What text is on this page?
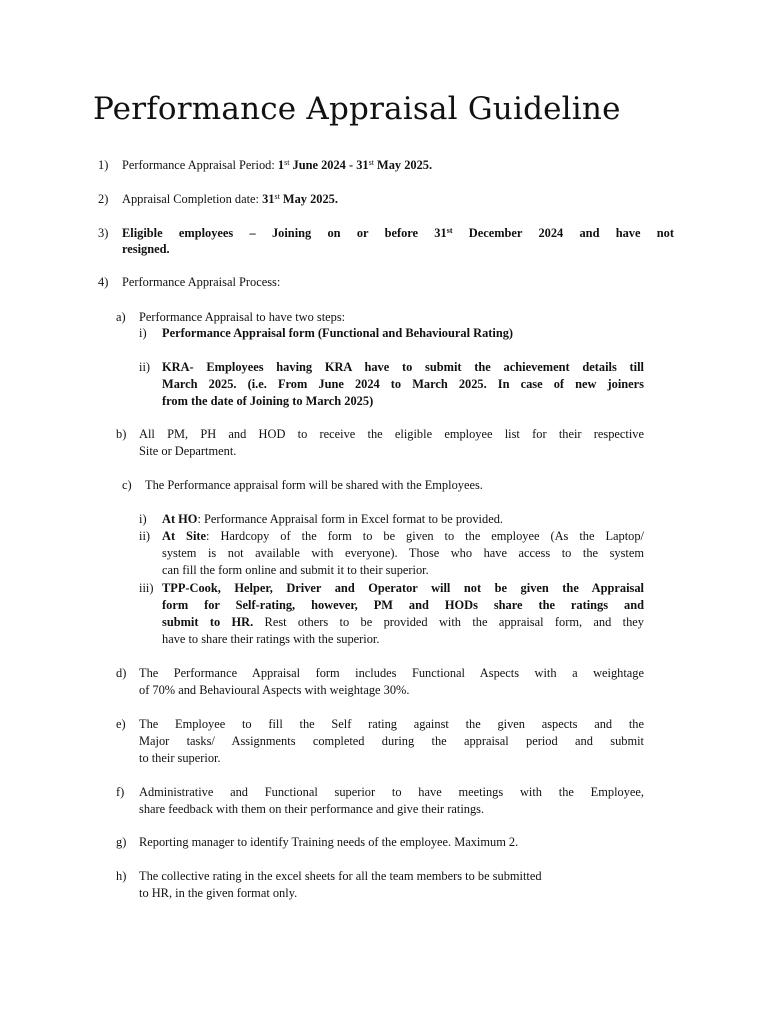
Performance Appraisal Guideline
1) Performance Appraisal Period: 1st June 2024 - 31st May 2025.
2) Appraisal Completion date: 31st May 2025.
3) Eligible employees – Joining on or before 31st December 2024 and have not
resigned.
4) Performance Appraisal Process:
a) Performance Appraisal to have two steps:
i) Performance Appraisal form (Functional and Behavioural Rating)
ii) KRA- Employees having KRA have to submit the achievement details till
March 2025. (i.e. From June 2024 to March 2025. In case of new joiners
from the date of Joining to March 2025)
b) All PM, PH and HOD to receive the eligible employee list for their respective
Site or Department.
c) The Performance appraisal form will be shared with the Employees.
i) At HO: Performance Appraisal form in Excel format to be provided.
ii) At Site: Hardcopy of the form to be given to the employee (As the Laptop/
system is not available with everyone). Those who have access to the system
can fill the form online and submit it to their superior.
iii) TPP-Cook, Helper, Driver and Operator will not be given the Appraisal
form for Self-rating, however, PM and HODs share the ratings and
submit to HR. Rest others to be provided with the appraisal form, and they
have to share their ratings with the superior.
d) The Performance Appraisal form includes Functional Aspects with a weightage
of 70% and Behavioural Aspects with weightage 30%.
e) The Employee to fill the Self rating against the given aspects and the
Major tasks/ Assignments completed during the appraisal period and submit
to their superior.
f) Administrative and Functional superior to have meetings with the Employee,
share feedback with them on their performance and give their ratings.
g) Reporting manager to identify Training needs of the employee. Maximum 2.
h) The collective rating in the excel sheets for all the team members to be submitted
to HR, in the given format only.
